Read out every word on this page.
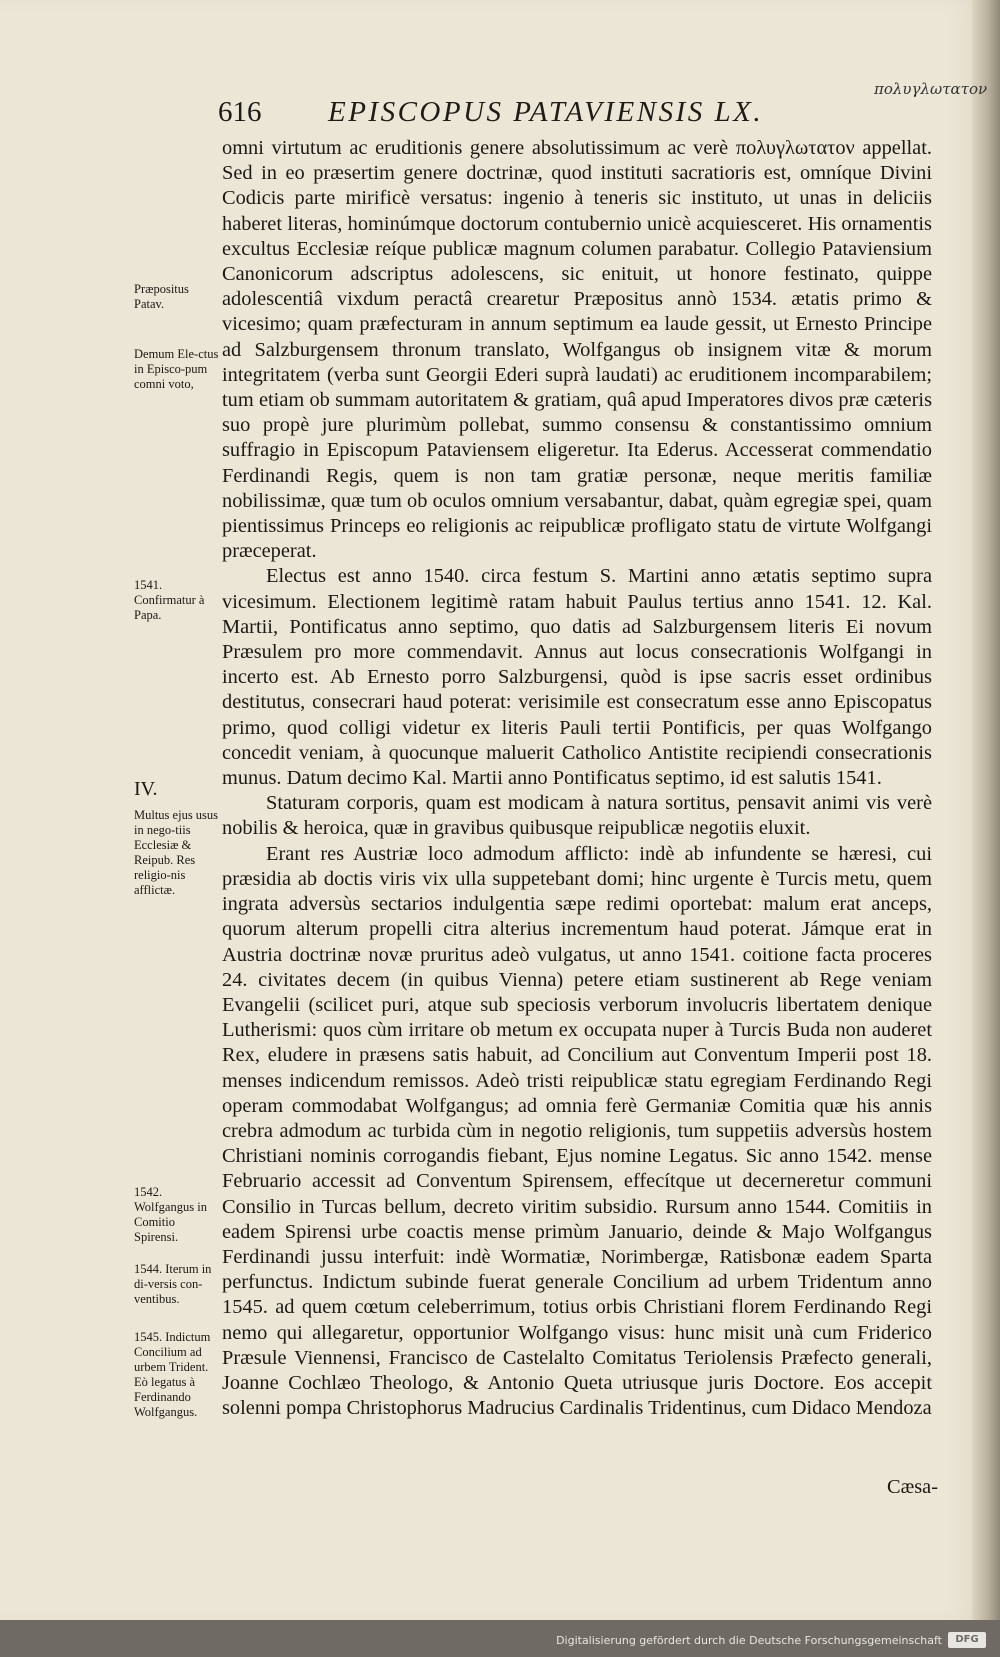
616 EPISCOPUS PATAVIENSIS LX.
πολυγλωτατον
Præpositus Patav.
Demum Ele-ctus in Episco-pum comni voto,
1541. Confirmatur à Papa.
IV.
Multus ejus usus in nego-tiis Ecclesiæ & Reipub. Res religio-nis afflictæ.
1542. Wolfgangus in Comitio Spirensi.
1544. Iterum in di-versis con-ventibus.
1545. Indictum Concilium ad urbem Trident. Eò legatus à Ferdinando Wolfgangus.

omni virtutum ac eruditionis genere absolutissimum ac verè πολυγλωτατον appellat. Sed in eo præsertim genere doctrinæ, quod instituti sacratioris est, omníque Divini Codicis parte mirificè versatus: ingenio à teneris sic instituto, ut unas in deliciis haberet literas, hominúmque doctorum contubernio unicè acquiesceret. His ornamentis excultus Ecclesiæ reíque publicæ magnum columen parabatur. Collegio Pataviensium Canonicorum adscriptus adolescens, sic enituit, ut honore festinato, quippe adolescentiâ vixdum peractâ crearetur Præpositus annò 1534. ætatis primo & vicesimo; quam præfecturam in annum septimum ea laude gessit, ut Ernesto Principe ad Salzburgensem thronum translato, Wolfgangus ob insignem vitæ & morum integritatem (verba sunt Georgii Ederi suprà laudati) ac eruditionem incomparabilem; tum etiam ob summam autoritatem & gratiam, quâ apud Imperatores divos præ cæteris suo propè jure plurimùm pollebat, summo consensu & constantissimo omnium suffragio in Episcopum Pataviensem eligeretur. Ita Ederus. Accesserat commendatio Ferdinandi Regis, quem is non tam gratiæ personæ, neque meritis familiæ nobilissimæ, quæ tum ob oculos omnium versabantur, dabat, quàm egregiæ spei, quam pientissimus Princeps eo religionis ac reipublicæ profligato statu de virtute Wolfgangi præceperat.

Electus est anno 1540. circa festum S. Martini anno ætatis septimo supra vicesimum. Electionem legitimè ratam habuit Paulus tertius anno 1541. 12. Kal. Martii, Pontificatus anno septimo, quo datis ad Salzburgensem literis Ei novum Præsulem pro more commendavit. Annus aut locus consecrationis Wolfgangi in incerto est. Ab Ernesto porro Salzburgensi, quòd is ipse sacris esset ordinibus destitutus, consecrari haud poterat: verisimile est consecratum esse anno Episcopatus primo, quod colligi videtur ex literis Pauli tertii Pontificis, per quas Wolfgango concedit veniam, à quocunque maluerit Catholico Antistite recipiendi consecrationis munus. Datum decimo Kal. Martii anno Pontificatus septimo, id est salutis 1541.

Staturam corporis, quam est modicam à natura sortitus, pensavit animi vis verè nobilis & heroica, quæ in gravibus quibusque reipublicæ negotiis eluxit.

Erant res Austriæ loco admodum afflicto: indè ab infundente se hæresi, cui præsidia ab doctis viris vix ulla suppetebant domi; hinc urgente è Turcis metu, quem ingrata adversùs sectarios indulgentia sæpe redimi oportebat: malum erat anceps, quorum alterum propelli citra alterius incrementum haud poterat. Jámque erat in Austria doctrinæ novæ pruritus adeò vulgatus, ut anno 1541. coitione facta proceres 24. civitates decem (in quibus Vienna) petere etiam sustinerent ab Rege veniam Evangelii (scilicet puri, atque sub speciosis verborum involucris libertatem denique Lutherismi: quos cùm irritare ob metum ex occupata nuper à Turcis Buda non auderet Rex, eludere in præsens satis habuit, ad Concilium aut Conventum Imperii post 18. menses indicendum remissos. Adeò tristi reipublicæ statu egregiam Ferdinando Regi operam commodabat Wolfgangus; ad omnia ferè Germaniæ Comitia quæ his annis crebra admodum ac turbida cùm in negotio religionis, tum suppetiis adversùs hostem Christiani nominis corrogandis fiebant, Ejus nomine Legatus. Sic anno 1542. mense Februario accessit ad Conventum Spirensem, effecítque ut decerneretur communi Consilio in Turcas bellum, decreto viritim subsidio. Rursum anno 1544. Comitiis in eadem Spirensi urbe coactis mense primùm Januario, deinde & Majo Wolfgangus Ferdinandi jussu interfuit: indè Wormatiæ, Norimbergæ, Ratisbonæ eadem Sparta perfunctus. Indictum subinde fuerat generale Concilium ad urbem Tridentum anno 1545. ad quem cœtum celeberrimum, totius orbis Christiani florem Ferdinando Regi nemo qui allegaretur, opportunior Wolfgango visus: hunc misit unà cum Friderico Præsule Viennensi, Francisco de Castelalto Comitatus Teriolensis Præfecto generali, Joanne Cochlæo Theologo, & Antonio Queta utriusque juris Doctore. Eos accepit solenni pompa Christophorus Madrucius Cardinalis Tridentinus, cum Didaco Mendoza

Cæsa-
Digitalisierung gefördert durch die Deutsche Forschungsgemeinschaft	DFG
